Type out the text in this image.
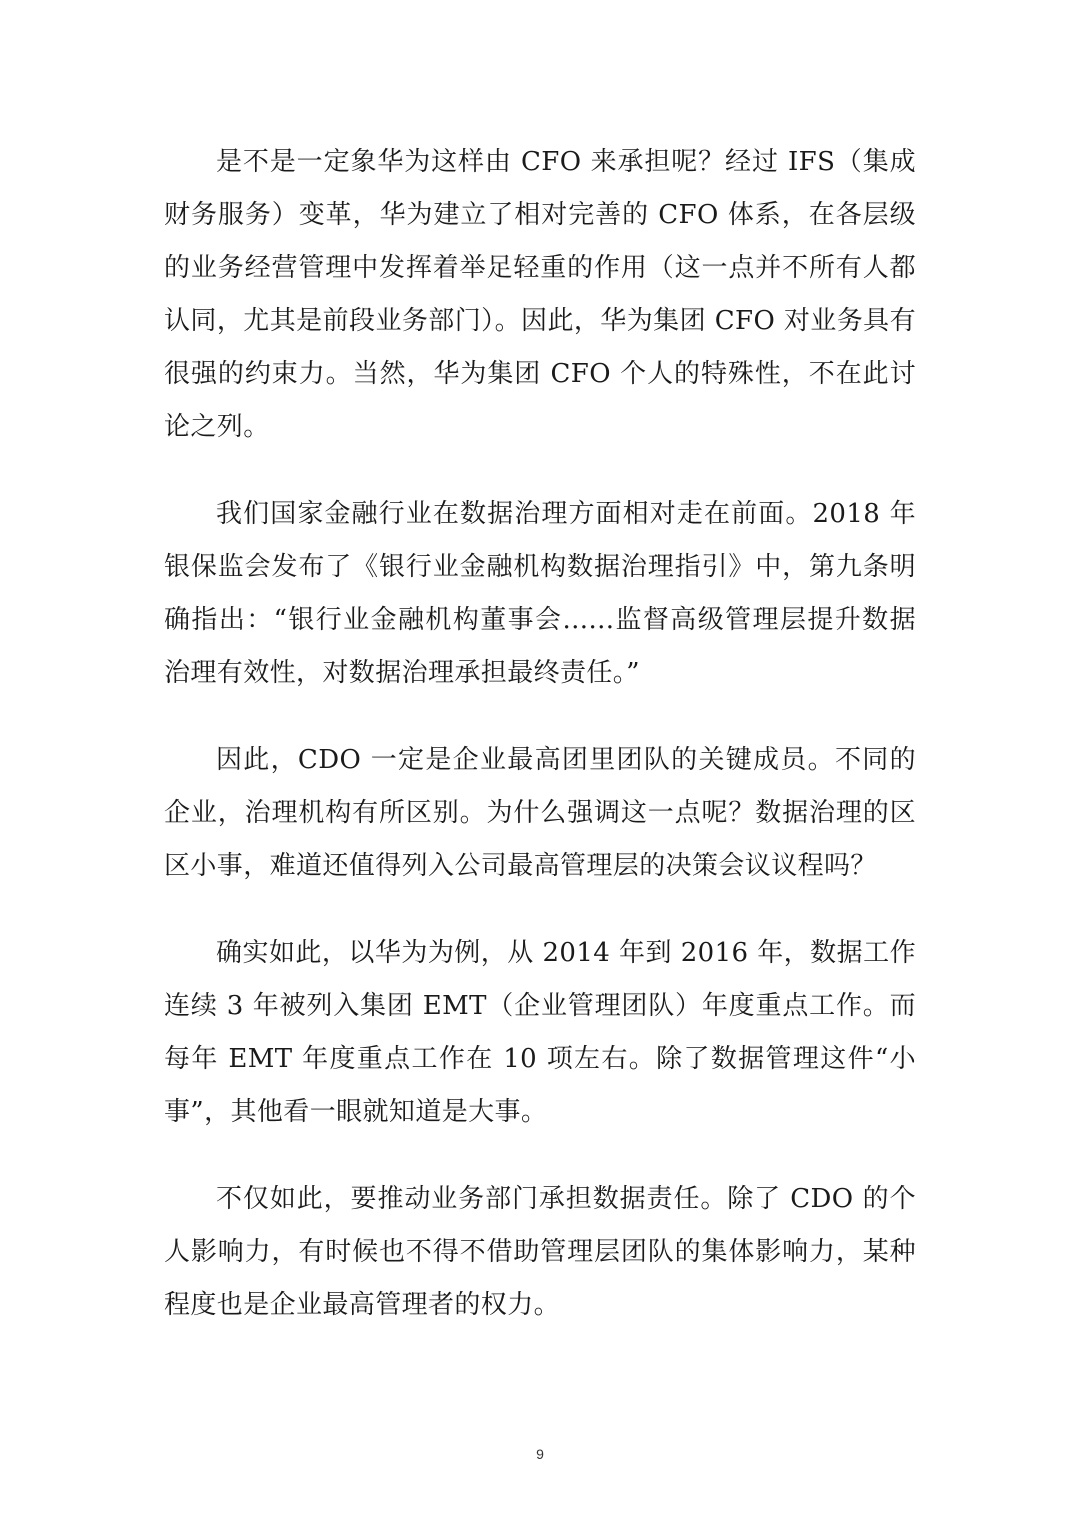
是不是一定象华为这样由 CFO 来承担呢？经过 IFS（集成财务服务）变革，华为建立了相对完善的 CFO 体系，在各层级的业务经营管理中发挥着举足轻重的作用（这一点并不所有人都认同，尤其是前段业务部门）。因此，华为集团 CFO 对业务具有很强的约束力。当然，华为集团 CFO 个人的特殊性，不在此讨论之列。

我们国家金融行业在数据治理方面相对走在前面。2018 年银保监会发布了《银行业金融机构数据治理指引》中，第九条明确指出：“银行业金融机构董事会......监督高级管理层提升数据治理有效性，对数据治理承担最终责任。”

因此，CDO 一定是企业最高团里团队的关键成员。不同的企业，治理机构有所区别。为什么强调这一点呢？数据治理的区区小事，难道还值得列入公司最高管理层的决策会议议程吗？

确实如此，以华为为例，从 2014 年到 2016 年，数据工作连续 3 年被列入集团 EMT（企业管理团队）年度重点工作。而每年 EMT 年度重点工作在 10 项左右。除了数据管理这件“小事”，其他看一眼就知道是大事。

不仅如此，要推动业务部门承担数据责任。除了 CDO 的个人影响力，有时候也不得不借助管理层团队的集体影响力，某种程度也是企业最高管理者的权力。

9
